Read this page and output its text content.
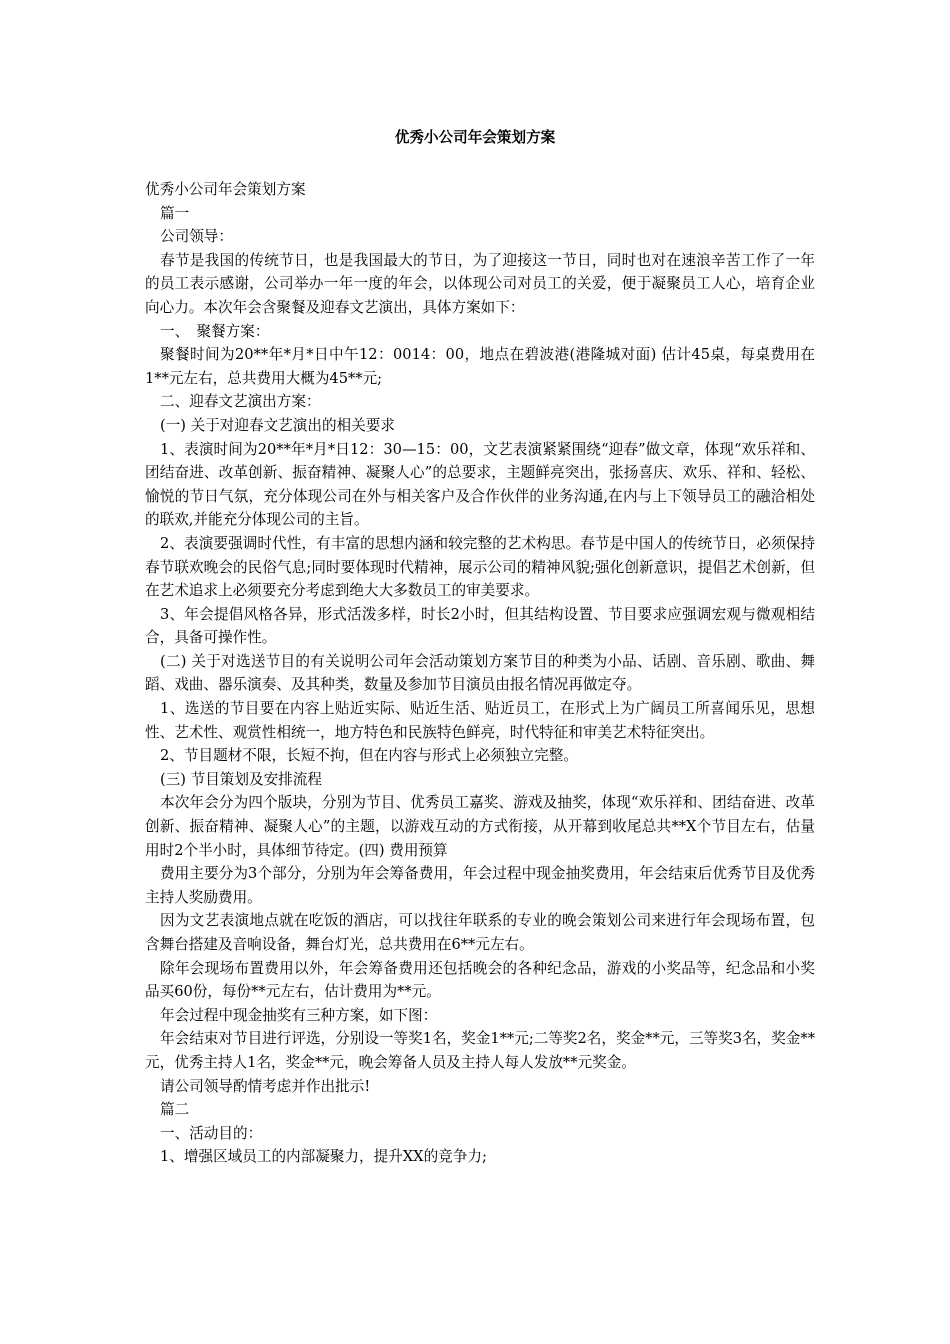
优秀小公司年会策划方案

优秀小公司年会策划方案

篇一

公司领导：

春节是我国的传统节日，也是我国最大的节日，为了迎接这一节日，同时也对在速浪辛苦工作了一年的员工表示感谢，公司举办一年一度的年会，以体现公司对员工的关爱，便于凝聚员工人心，培育企业向心力。本次年会含聚餐及迎春文艺演出，具体方案如下：

一、　聚餐方案：

聚餐时间为20**年*月*日中午12：0014：00，地点在碧波港(港隆城对面) 估计45桌，每桌费用在1**元左右，总共费用大概为45**元;

二、迎春文艺演出方案：

(一) 关于对迎春文艺演出的相关要求

1、表演时间为20**年*月*日12：30—15：00，文艺表演紧紧围绕“迎春”做文章，体现“欢乐祥和、团结奋进、改革创新、振奋精神、凝聚人心”的总要求，主题鲜亮突出，张扬喜庆、欢乐、祥和、轻松、愉悦的节日气氛，充分体现公司在外与相关客户及合作伙伴的业务沟通,在内与上下领导员工的融洽相处的联欢,并能充分体现公司的主旨。

2、表演要强调时代性，有丰富的思想内涵和较完整的艺术构思。春节是中国人的传统节日，必须保持春节联欢晚会的民俗气息;同时要体现时代精神，展示公司的精神风貌;强化创新意识，提倡艺术创新，但在艺术追求上必须要充分考虑到绝大大多数员工的审美要求。

3、年会提倡风格各异，形式活泼多样，时长2小时，但其结构设置、节目要求应强调宏观与微观相结合，具备可操作性。

(二) 关于对选送节目的有关说明公司年会活动策划方案节目的种类为小品、话剧、音乐剧、歌曲、舞蹈、戏曲、器乐演奏、及其种类，数量及参加节目演员由报名情况再做定夺。

1、选送的节目要在内容上贴近实际、贴近生活、贴近员工，在形式上为广阔员工所喜闻乐见，思想性、艺术性、观赏性相统一，地方特色和民族特色鲜亮，时代特征和审美艺术特征突出。

2、节目题材不限，长短不拘，但在内容与形式上必须独立完整。

(三) 节目策划及安排流程

本次年会分为四个版块，分别为节目、优秀员工嘉奖、游戏及抽奖，体现“欢乐祥和、团结奋进、改革创新、振奋精神、凝聚人心”的主题，以游戏互动的方式衔接，从开幕到收尾总共**X个节目左右，估量用时2个半小时，具体细节待定。(四) 费用预算

费用主要分为3个部分，分别为年会筹备费用，年会过程中现金抽奖费用，年会结束后优秀节目及优秀主持人奖励费用。

因为文艺表演地点就在吃饭的酒店，可以找往年联系的专业的晚会策划公司来进行年会现场布置，包含舞台搭建及音响设备，舞台灯光，总共费用在6**元左右。

除年会现场布置费用以外，年会筹备费用还包括晚会的各种纪念品，游戏的小奖品等，纪念品和小奖品买60份，每份**元左右，估计费用为**元。

年会过程中现金抽奖有三种方案，如下图：

年会结束对节目进行评选，分别设一等奖1名，奖金1**元;二等奖2名，奖金**元，三等奖3名，奖金**元，优秀主持人1名，奖金**元，晚会筹备人员及主持人每人发放**元奖金。

请公司领导酌情考虑并作出批示!

篇二

一、活动目的：

1、增强区域员工的内部凝聚力，提升XX的竞争力;
